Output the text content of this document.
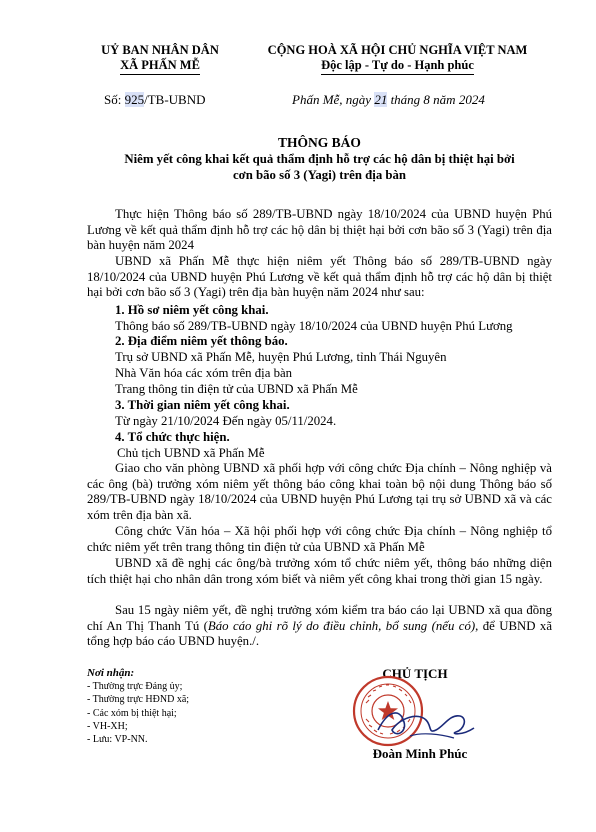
UỶ BAN NHÂN DÂN
XÃ PHẤN MỄ
CỘNG HOÀ XÃ HỘI CHỦ NGHĨA VIỆT NAM
Độc lập - Tự do - Hạnh phúc
Số: 925/TB-UBND	Phấn Mễ, ngày 21 tháng 8 năm 2024
THÔNG BÁO
Niêm yết công khai kết quả thẩm định hỗ trợ các hộ dân bị thiệt hại bởi
cơn bão số 3 (Yagi) trên địa bàn
Thực hiện Thông báo số 289/TB-UBND ngày 18/10/2024 của UBND huyện Phú Lương về kết quả thẩm định hỗ trợ các hộ dân bị thiệt hại bởi cơn bão số 3 (Yagi) trên địa bàn huyện năm 2024
UBND xã Phấn Mễ thực hiện niêm yết Thông báo số 289/TB-UBND ngày 18/10/2024 của UBND huyện Phú Lương về kết quả thẩm định hỗ trợ các hộ dân bị thiệt hại bởi cơn bão số 3 (Yagi) trên địa bàn huyện năm 2024 như sau:
1. Hồ sơ niêm yết công khai.
Thông báo số 289/TB-UBND ngày 18/10/2024 của UBND huyện Phú Lương
2. Địa điểm niêm yết thông báo.
Trụ sở UBND xã Phấn Mễ, huyện Phú Lương, tỉnh Thái Nguyên
Nhà Văn hóa các xóm trên địa bàn
Trang thông tin điện tử của UBND xã Phấn Mễ
3. Thời gian niêm yết công khai.
Từ ngày 21/10/2024 Đến ngày 05/11/2024.
4. Tổ chức thực hiện.
Chủ tịch UBND xã Phấn Mễ
Giao cho văn phòng UBND xã phối hợp với công chức Địa chính – Nông nghiệp và các ông (bà) trưởng xóm niêm yết thông báo công khai toàn bộ nội dung Thông báo số 289/TB-UBND ngày 18/10/2024 của UBND huyện Phú Lương tại trụ sở UBND xã và các xóm trên địa bàn xã.
Công chức Văn hóa – Xã hội phối hợp với công chức Địa chính – Nông nghiệp tổ chức niêm yết trên trang thông tin điện tử của UBND xã Phấn Mễ
UBND xã đề nghị các ông/bà trưởng xóm tổ chức niêm yết, thông báo những diện tích thiệt hại cho nhân dân trong xóm biết và niêm yết công khai trong thời gian 15 ngày.
Sau 15 ngày niêm yết, đề nghị trưởng xóm kiểm tra báo cáo lại UBND xã qua đồng chí An Thị Thanh Tú (Báo cáo ghi rõ lý do điều chỉnh, bổ sung (nếu có), để UBND xã tổng hợp báo cáo UBND huyện./.
Nơi nhận:
- Thường trực Đảng ủy;
- Thường trực HĐND xã;
- Các xóm bị thiệt hại;
- VH-XH;
- Lưu: VP-NN.
CHỦ TỊCH
Đoàn Minh Phúc
